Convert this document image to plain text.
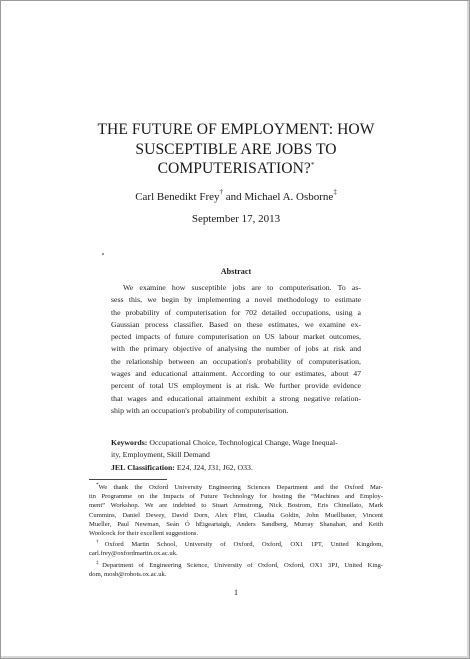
THE FUTURE OF EMPLOYMENT: HOW
SUSCEPTIBLE ARE JOBS TO
COMPUTERISATION?*
Carl Benedikt Frey† and Michael A. Osborne‡
September 17, 2013
Abstract
We examine how susceptible jobs are to computerisation. To as-
sess this, we begin by implementing a novel methodology to estimate
the probability of computerisation for 702 detailed occupations, using a
Gaussian process classifier. Based on these estimates, we examine ex-
pected impacts of future computerisation on US labour market outcomes,
with the primary objective of analysing the number of jobs at risk and
the relationship between an occupation's probability of computerisation,
wages and educational attainment. According to our estimates, about 47
percent of total US employment is at risk. We further provide evidence
that wages and educational attainment exhibit a strong negative relation-
ship with an occupation's probability of computerisation.
Keywords: Occupational Choice, Technological Change, Wage Inequal-
ity, Employment, Skill Demand
JEL Classification: E24, J24, J31, J62, O33.
*We thank the Oxford University Engineering Sciences Department and the Oxford Mar-
tin Programme on the Impacts of Future Technology for hosting the “Machines and Employ-
ment” Workshop. We are indebted to Stuart Armstrong, Nick Bostrom, Eris Chinellato, Mark
Cummins, Daniel Dewey, David Dorn, Alex Flint, Claudia Goldin, John Muellbauer, Vincent
Mueller, Paul Newman, Seán Ó hÉigeartaigh, Anders Sandberg, Murray Shanahan, and Keith
Woolcock for their excellent suggestions.
†Oxford Martin School, University of Oxford, Oxford, OX1 1PT, United Kingdom,
carl.frey@oxfordmartin.ox.ac.uk.
‡Department of Engineering Science, University of Oxford, Oxford, OX1 3PJ, United King-
dom, mosb@robots.ox.ac.uk.
1
